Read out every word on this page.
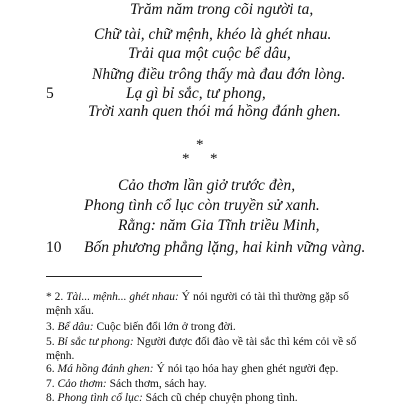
Trăm năm trong cõi người ta,
Chữ tài, chữ mệnh, khéo là ghét nhau.
Trải qua một cuộc bể dâu,
Những điều trông thấy mà đau đớn lòng.
5	Lạ gì bỉ sắc, tư phong,
Trời xanh quen thói má hồng đánh ghen.
*
* *
Cảo thơm lần giở trước đèn,
Phong tình cổ lục còn truyền sử xanh.
Rằng: năm Gia Tĩnh triều Minh,
10 Bốn phương phẳng lặng, hai kinh vững vàng.
* 2. Tài... mệnh... ghét nhau: Ý nói người có tài thì thường gặp số mệnh xấu.
3. Bể dâu: Cuộc biến đổi lớn ở trong đời.
5. Bỉ sắc tư phong: Người được đối đào về tài sắc thì kém cỏi về số mệnh.
6. Má hồng đánh ghen: Ý nói tạo hóa hay ghen ghét người đẹp.
7. Cảo thơm: Sách thơm, sách hay.
8. Phong tình cổ lục: Sách cũ chép chuyện phong tình.
